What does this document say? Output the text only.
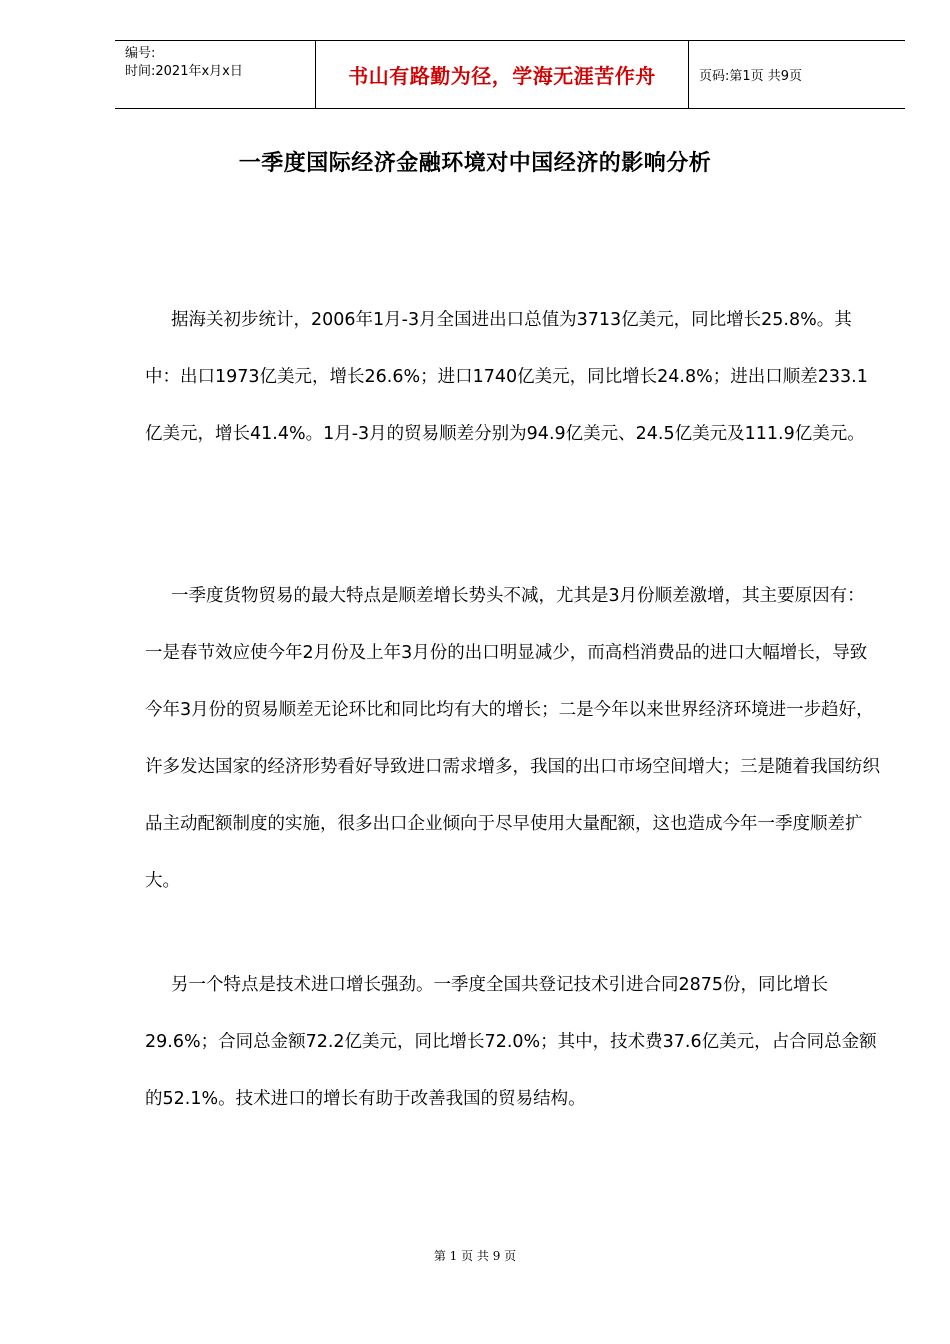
编号:
时间:2021年x月x日	书山有路勤为径，学海无涯苦作舟	页码:第1页 共9页
一季度国际经济金融环境对中国经济的影响分析

据海关初步统计，2006年1月-3月全国进出口总值为3713亿美元，同比增长25.8%。其中：出口1973亿美元，增长26.6%；进口1740亿美元，同比增长24.8%；进出口顺差233.1亿美元，增长41.4%。1月-3月的贸易顺差分别为94.9亿美元、24.5亿美元及111.9亿美元。

一季度货物贸易的最大特点是顺差增长势头不减，尤其是3月份顺差激增，其主要原因有：一是春节效应使今年2月份及上年3月份的出口明显减少，而高档消费品的进口大幅增长，导致今年3月份的贸易顺差无论环比和同比均有大的增长；二是今年以来世界经济环境进一步趋好，许多发达国家的经济形势看好导致进口需求增多，我国的出口市场空间增大；三是随着我国纺织品主动配额制度的实施，很多出口企业倾向于尽早使用大量配额，这也造成今年一季度顺差扩大。

另一个特点是技术进口增长强劲。一季度全国共登记技术引进合同2875份，同比增长29.6%；合同总金额72.2亿美元，同比增长72.0%；其中，技术费37.6亿美元，占合同总金额的52.1%。技术进口的增长有助于改善我国的贸易结构。

第 1 页 共 9 页
